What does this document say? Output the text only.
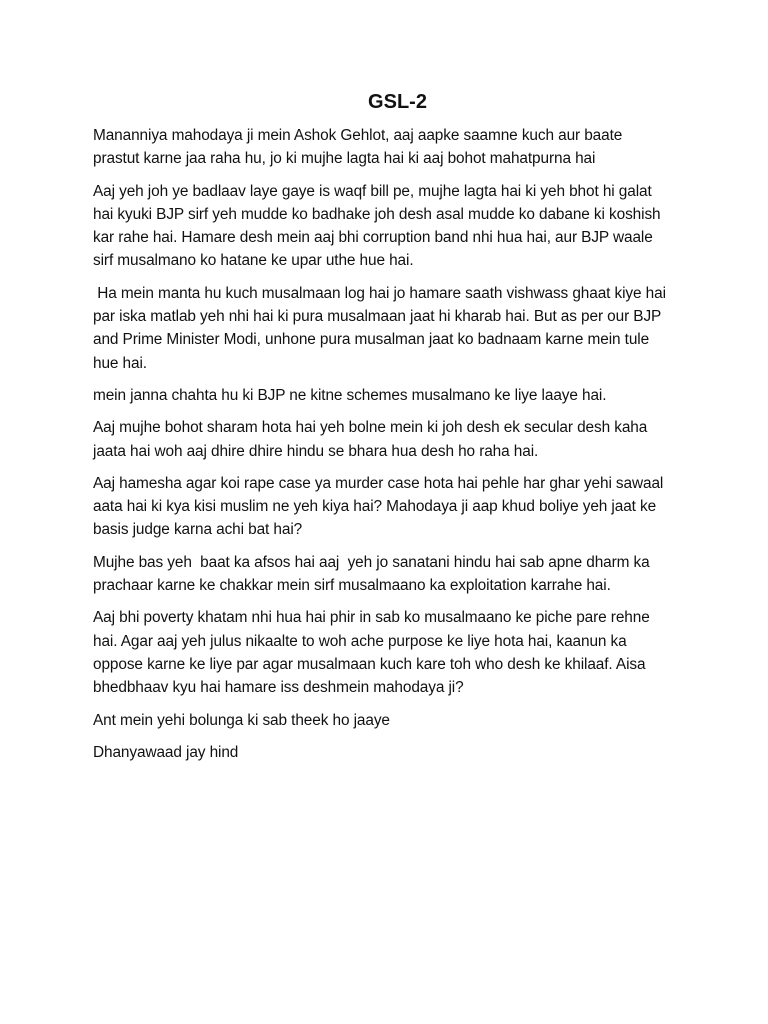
GSL-2

Mananniya mahodaya ji mein Ashok Gehlot, aaj aapke saamne kuch aur baate prastut karne jaa raha hu, jo ki mujhe lagta hai ki aaj bohot mahatpurna hai

Aaj yeh joh ye badlaav laye gaye is waqf bill pe, mujhe lagta hai ki yeh bhot hi galat hai kyuki BJP sirf yeh mudde ko badhake joh desh asal mudde ko dabane ki koshish kar rahe hai. Hamare desh mein aaj bhi corruption band nhi hua hai, aur BJP waale sirf musalmano ko hatane ke upar uthe hue hai.

Ha mein manta hu kuch musalmaan log hai jo hamare saath vishwass ghaat kiye hai par iska matlab yeh nhi hai ki pura musalmaan jaat hi kharab hai. But as per our BJP and Prime Minister Modi, unhone pura musalman jaat ko badnaam karne mein tule hue hai.

mein janna chahta hu ki BJP ne kitne schemes musalmano ke liye laaye hai.

Aaj mujhe bohot sharam hota hai yeh bolne mein ki joh desh ek secular desh kaha jaata hai woh aaj dhire dhire hindu se bhara hua desh ho raha hai.

Aaj hamesha agar koi rape case ya murder case hota hai pehle har ghar yehi sawaal aata hai ki kya kisi muslim ne yeh kiya hai? Mahodaya ji aap khud boliye yeh jaat ke basis judge karna achi bat hai?

Mujhe bas yeh  baat ka afsos hai aaj  yeh jo sanatani hindu hai sab apne dharm ka prachaar karne ke chakkar mein sirf musalmaano ka exploitation karrahe hai.

Aaj bhi poverty khatam nhi hua hai phir in sab ko musalmaano ke piche pare rehne hai. Agar aaj yeh julus nikaalte to woh ache purpose ke liye hota hai, kaanun ka oppose karne ke liye par agar musalmaan kuch kare toh who desh ke khilaaf. Aisa bhedbhaav kyu hai hamare iss deshmein mahodaya ji?

Ant mein yehi bolunga ki sab theek ho jaaye

Dhanyawaad jay hind
